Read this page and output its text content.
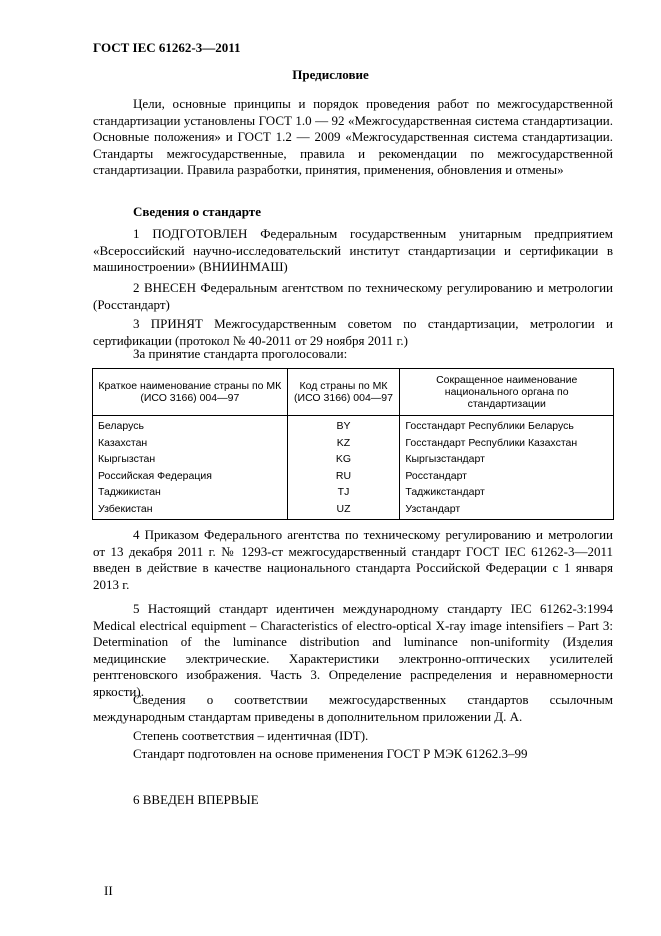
ГОСТ IEC 61262-3—2011
Предисловие
Цели, основные принципы и порядок проведения работ по межгосударственной стандартизации установлены ГОСТ 1.0 — 92 «Межгосударственная система стандартизации. Основные положения» и ГОСТ 1.2 — 2009 «Межгосударственная система стандартизации. Стандарты межгосударственные, правила и рекомендации по межгосударственной стандартизации. Правила разработки, принятия, применения, обновления и отмены»
Сведения о стандарте
1 ПОДГОТОВЛЕН Федеральным государственным унитарным предприятием «Всероссийский научно-исследовательский институт стандартизации и сертификации в машиностроении» (ВНИИНМАШ)
2 ВНЕСЕН Федеральным агентством по техническому регулированию и метрологии (Росстандарт)
3 ПРИНЯТ Межгосударственным советом по стандартизации, метрологии и сертификации (протокол № 40-2011 от 29 ноября 2011 г.)
За принятие стандарта проголосовали:
Краткое наименование страны по МК (ИСО 3166) 004—97	Код страны по МК (ИСО 3166) 004—97	Сокращенное наименование национального органа по стандартизации
Беларусь	BY	Госстандарт Республики Беларусь
Казахстан	KZ	Госстандарт Республики Казахстан
Кыргызстан	KG	Кыргызстандарт
Российская Федерация	RU	Росстандарт
Таджикистан	TJ	Таджикстандарт
Узбекистан	UZ	Узстандарт
4 Приказом Федерального агентства по техническому регулированию и метрологии от 13 декабря 2011 г. № 1293-ст межгосударственный стандарт ГОСТ IEC 61262-3—2011 введен в действие в качестве национального стандарта Российской Федерации с 1 января 2013 г.
5 Настоящий стандарт идентичен международному стандарту IEC 61262-3:1994 Medical electrical equipment – Characteristics of electro-optical X-ray image intensifiers – Part 3: Determination of the luminance distribution and luminance non-uniformity (Изделия медицинские электрические. Характеристики электронно-оптических усилителей рентгеновского изображения. Часть 3. Определение распределения и неравномерности яркости).
Сведения о соответствии межгосударственных стандартов ссылочным международным стандартам приведены в дополнительном приложении Д. А.
Степень соответствия – идентичная (IDT).
Стандарт подготовлен на основе применения ГОСТ Р МЭК 61262.3–99
6 ВВЕДЕН ВПЕРВЫЕ
II
